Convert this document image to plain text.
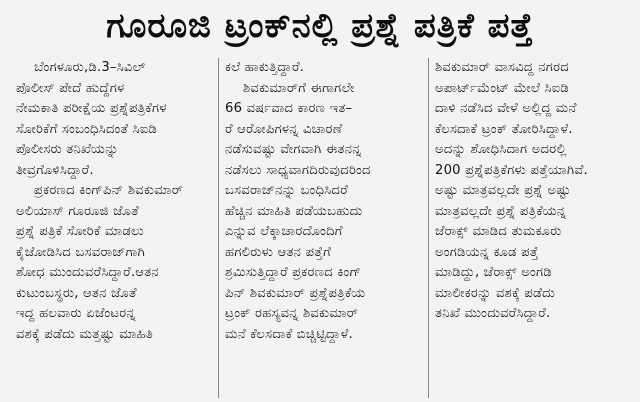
ಗೂರೂಜಿ ಟ್ರಂಕ್‌ನಲ್ಲಿ ಪ್ರಶ್ನೆ ಪತ್ರಿಕೆ ಪತ್ತೆ
ಬೆಂಗಳೂರು,ಡಿ.3–ಸಿವಿಲ್
ಪೊಲೀಸ್ ಪೇದೆ ಹುದ್ದೆಗಳ
ನೇಮಕಾತಿ ಪರೀಕ್ಷೆಯ ಪ್ರಶ್ನೆಪತ್ರಿಕೆಗಳ
ಸೋರಿಕೆಗೆ ಸಂಬಂಧಿಸಿದಂತೆ ಸಿಐಡಿ
ಪೊಲೀಸರು ತನಿಖೆಯನ್ನು
ತೀವ್ರಗೊಳಿಸಿದ್ದಾರೆ.
ಪ್ರಕರಣದ ಕಿಂಗ್‌ಪಿನ್ ಶಿವಕುಮಾರ್
ಅಲಿಯಾಸ್ ಗೂರೂಜಿ ಜೊತೆ
ಪ್ರಶ್ನೆ ಪತ್ರಿಕೆ ಸೋರಿಕೆ ಮಾಡಲು
ಕೈಜೋಡಿಸಿದ ಬಸವರಾಜ್‌ಗಾಗಿ
ಶೋಧ ಮುಂದುವರೆಸಿದ್ದಾರೆ.ಆತನ
ಕುಟುಂಬಸ್ಥರು, ಆತನ ಜೊತೆ
ಇದ್ದ ಹಲವಾರು ಏಜೆಂಟರನ್ನ
ವಶಕ್ಕೆ ಪಡೆದು ಮತ್ತಷ್ಟು ಮಾಹಿತಿ
ಕಲೆ ಹಾಕುತ್ತಿದ್ದಾರೆ.
ಶಿವಕುಮಾರ್‌ಗೆ ಈಗಾಗಲೇ
66 ವರ್ಷವಾದ ಕಾರಣ ಇತ–
ರೆ ಆರೋಪಿಗಳನ್ನ ವಿಚಾರಣೆ
ನಡೆಸುವಷ್ಟು ವೇಗವಾಗಿ ಈತನನ್ನ
ನಡೆಸಲು ಸಾಧ್ಯವಾಗದಿರುವುದರಿಂದ
ಬಸವರಾಜ್‌ನನ್ನು ಬಂಧಿಸಿದರೆ
ಹೆಚ್ಚಿನ ಮಾಹಿತಿ ಪಡೆಯಬಹುದು
ಎನ್ನುವ ಲೆಕ್ಕಾಚಾರದೊಂದಿಗೆ
ಹಗಲಿರುಳು ಆತನ ಪತ್ತೆಗೆ
ಶ್ರಮಿಸುತ್ತಿದ್ದಾರೆ ಪ್ರಕರಣದ ಕಿಂಗ್
ಪಿನ್ ಶಿವಕುಮಾರ್ ಪ್ರಶ್ನೆಪತ್ರಿಕೆಯ
ಟ್ರಂಕ್ ರಹಸ್ಯವನ್ನ ಶಿವಕುಮಾರ್
ಮನೆ ಕೆಲಸದಾಕೆ ಬಿಚ್ಚಿಟ್ಟಿದ್ದಾಳೆ.
ಶಿವಕುಮಾರ್ ವಾಸವಿದ್ದ ನಗರದ
ಅಪಾರ್ಟ್‌ಮೆಂಟ್ ಮೇಲೆ ಸಿಐಡಿ
ದಾಳಿ ನಡೆಸಿದ ವೇಳೆ ಅಲ್ಲಿದ್ದ ಮನೆ
ಕೆಲಸದಾಕೆ ಟ್ರಂಕ್ ತೋರಿಸಿದ್ದಾಳೆ.
ಅದನ್ನು ಶೋಧಿಸಿದಾಗ ಅದರಲ್ಲಿ
200 ಪ್ರಶ್ನೆಪತ್ರಿಕೆಗಳು ಪತ್ತೆಯಾಗಿವೆ.
ಅಷ್ಟು ಮಾತ್ರವಲ್ಲದೇ ಪ್ರಶ್ನೆ ಅಷ್ಟು
ಮಾತ್ರವಲ್ಲದೇ ಪ್ರಶ್ನೆ ಪತ್ರಿಕೆಯನ್ನ
ಜೆರಾಕ್ಸ್ ಮಾಡಿದ ತುಮಕೂರು
ಅಂಗಡಿಯನ್ನ ಕೂಡ ಪತ್ತೆ
ಮಾಡಿದ್ದು, ಜೆರಾಕ್ಸ್ ಅಂಗಡಿ
ಮಾಲೀಕರನ್ನು ವಶಕ್ಕೆ ಪಡೆದು
ತನಿಖೆ ಮುಂದುವರೆಸಿದ್ದಾರೆ.
